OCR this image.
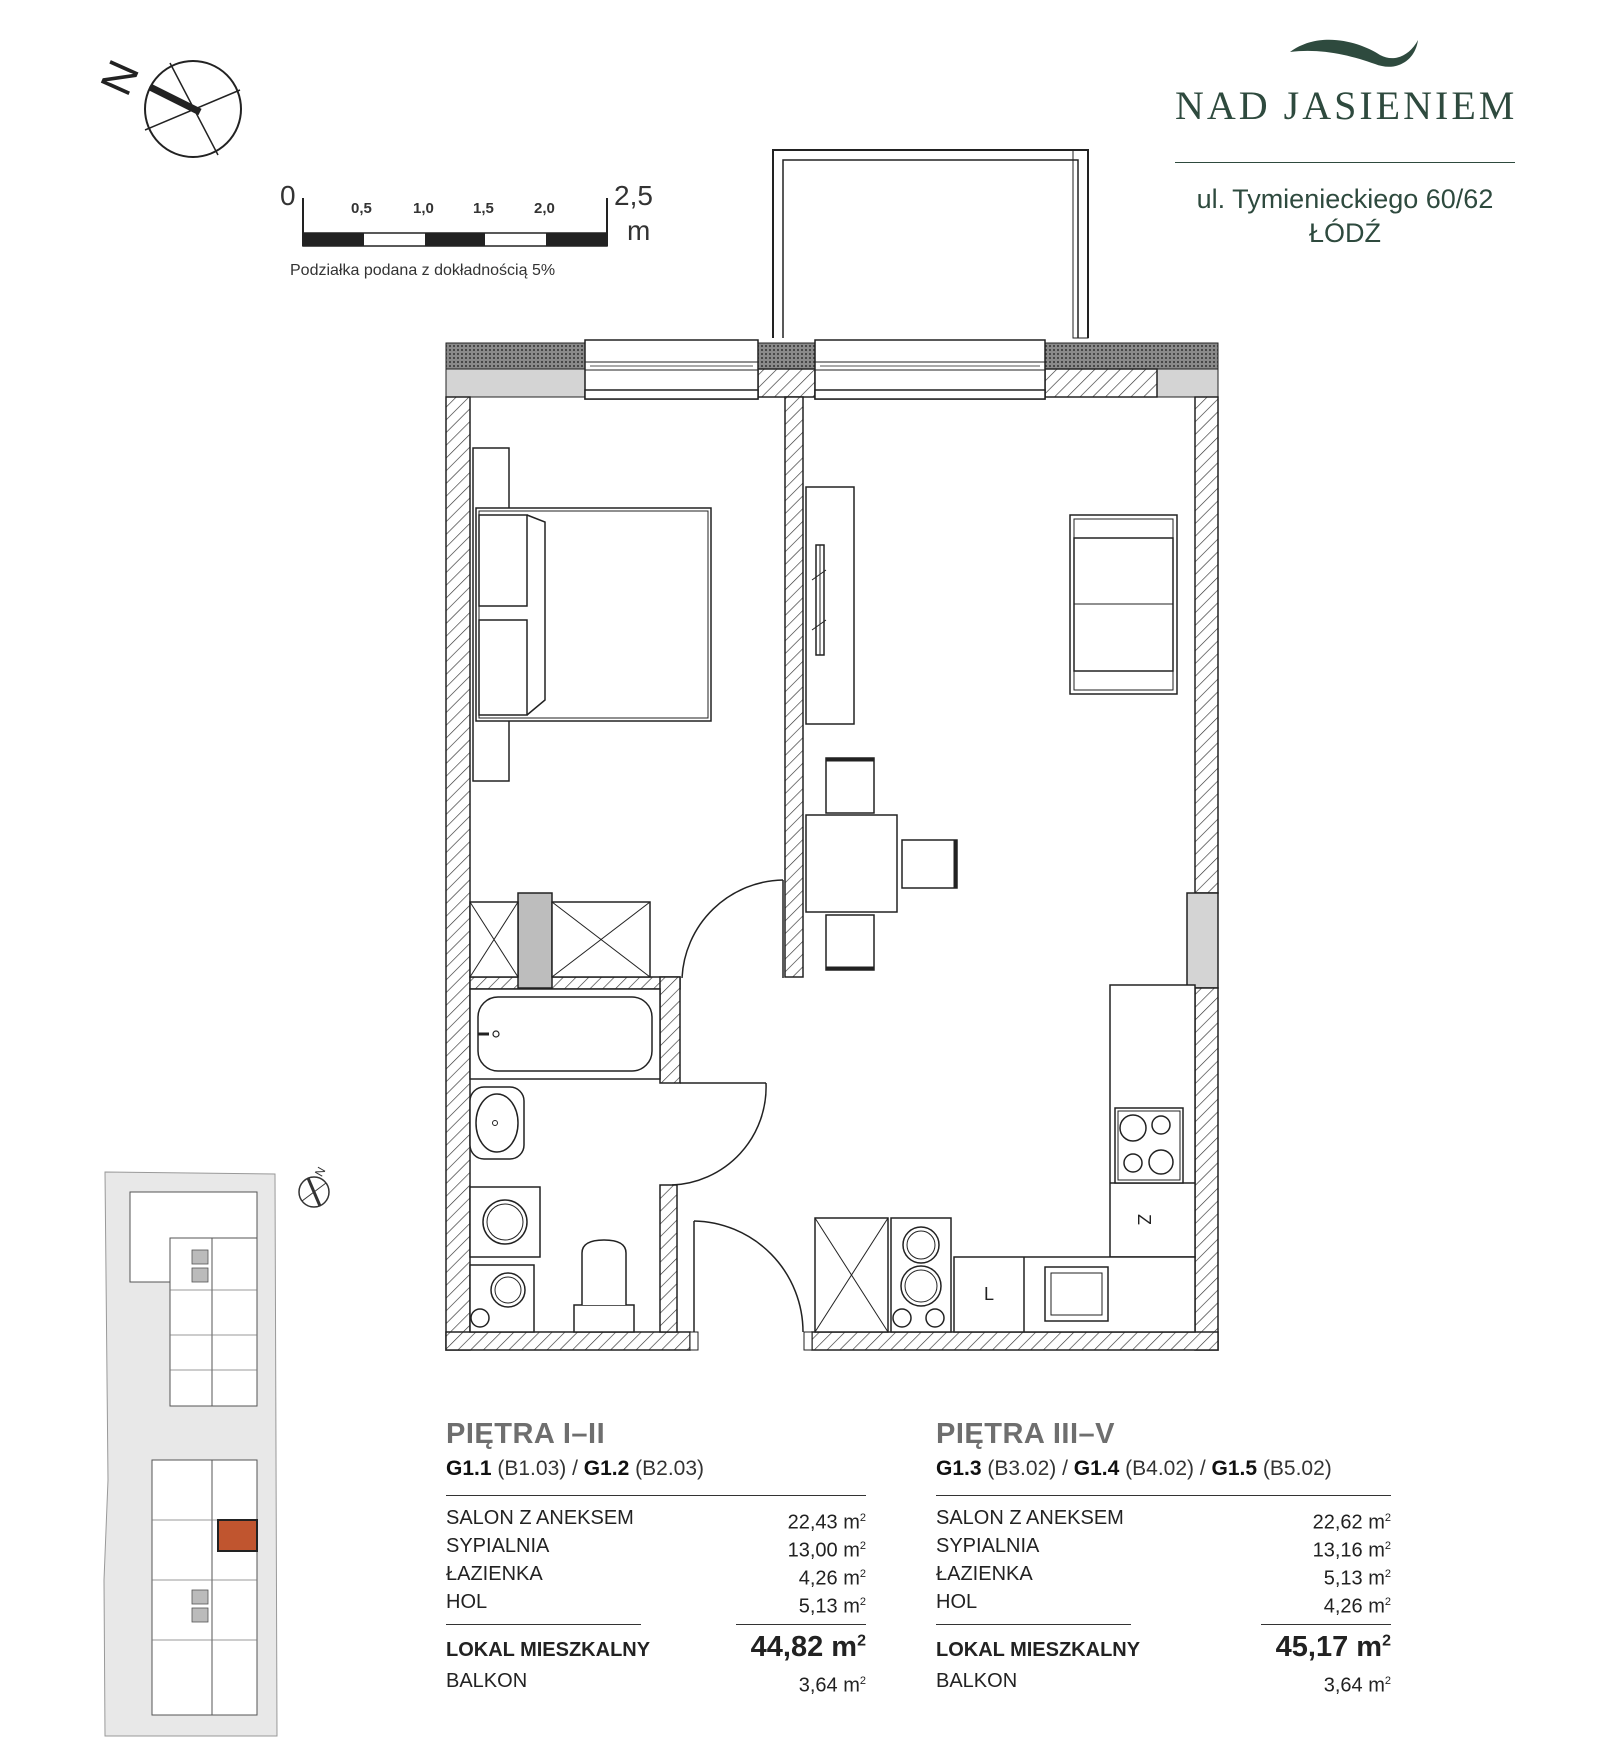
N
0	0,5	1,0	1,5	2,0 2,5
m
L
Z
N
NAD JASIENIEM
ul. Tymienieckiego 60/62
ŁÓDŹ
Podziałka podana z dokładnością 5%
PIĘTRA I–II
G1.1 (B1.03) / G1.2 (B2.03)
SALON Z ANEKSEM	22,43 $m^2$
SYPIALNIA	13,00 $m^2$
ŁAZIENKA	4,26 $m^2$
HOL	5,13 $m^2$
LOKAL MIESZKALNY	44,82 $m^2$
BALKON	3,64 $m^2$
PIĘTRA III–V
G1.3 (B3.02) / G1.4 (B4.02) / G1.5 (B5.02)
SALON Z ANEKSEM	22,62 $m^2$
SYPIALNIA	13,16 $m^2$
ŁAZIENKA	5,13 $m^2$
HOL	4,26 $m^2$
LOKAL MIESZKALNY	45,17 $m^2$
BALKON	3,64 $m^2$
